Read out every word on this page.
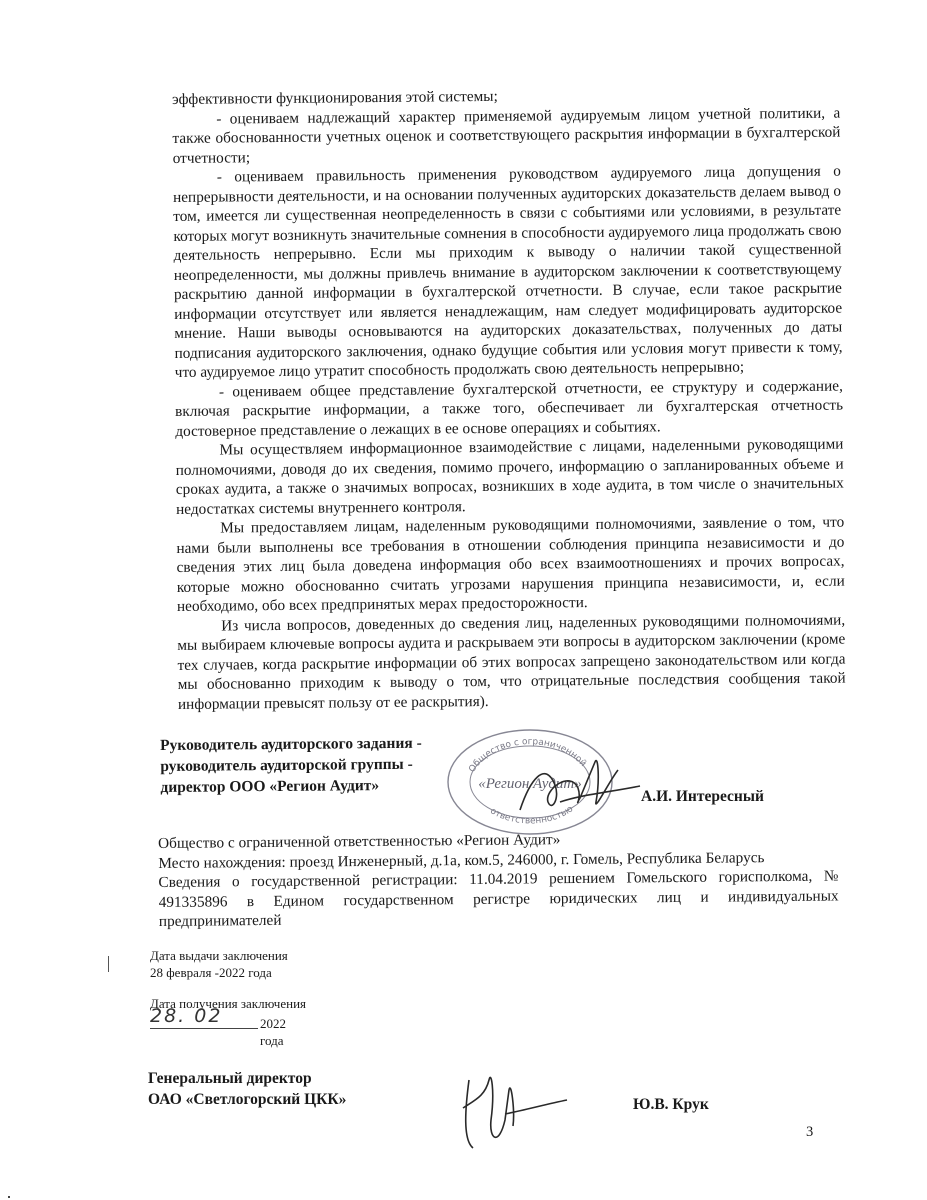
эффективности функционирования этой системы;

- оцениваем надлежащий характер применяемой аудируемым лицом учетной политики, а также обоснованности учетных оценок и соответствующего раскрытия информации в бухгалтерской отчетности;

- оцениваем правильность применения руководством аудируемого лица допущения о непрерывности деятельности, и на основании полученных аудиторских доказательств делаем вывод о том, имеется ли существенная неопределенность в связи с событиями или условиями, в результате которых могут возникнуть значительные сомнения в способности аудируемого лица продолжать свою деятельность непрерывно. Если мы приходим к выводу о наличии такой существенной неопределенности, мы должны привлечь внимание в аудиторском заключении к соответствующему раскрытию данной информации в бухгалтерской отчетности. В случае, если такое раскрытие информации отсутствует или является ненадлежащим, нам следует модифицировать аудиторское мнение. Наши выводы основываются на аудиторских доказательствах, полученных до даты подписания аудиторского заключения, однако будущие события или условия могут привести к тому, что аудируемое лицо утратит способность продолжать свою деятельность непрерывно;

- оцениваем общее представление бухгалтерской отчетности, ее структуру и содержание, включая раскрытие информации, а также того, обеспечивает ли бухгалтерская отчетность достоверное представление о лежащих в ее основе операциях и событиях.

Мы осуществляем информационное взаимодействие с лицами, наделенными руководящими полномочиями, доводя до их сведения, помимо прочего, информацию о запланированных объеме и сроках аудита, а также о значимых вопросах, возникших в ходе аудита, в том числе о значительных недостатках системы внутреннего контроля.

Мы предоставляем лицам, наделенным руководящими полномочиями, заявление о том, что нами были выполнены все требования в отношении соблюдения принципа независимости и до сведения этих лиц была доведена информация обо всех взаимоотношениях и прочих вопросах, которые можно обоснованно считать угрозами нарушения принципа независимости, и, если необходимо, обо всех предпринятых мерах предосторожности.

Из числа вопросов, доведенных до сведения лиц, наделенных руководящими полномочиями, мы выбираем ключевые вопросы аудита и раскрываем эти вопросы в аудиторском заключении (кроме тех случаев, когда раскрытие информации об этих вопросах запрещено законодательством или когда мы обоснованно приходим к выводу о том, что отрицательные последствия сообщения такой информации превысят пользу от ее раскрытия).

Руководитель аудиторского задания -
руководитель аудиторской группы -
директор ООО «Регион Аудит»
Общество с ограниченной
ответственностью
«Регион Аудит»
А.И. Интересный

Общество с ограниченной ответственностью «Регион Аудит»

Место нахождения: проезд Инженерный, д.1а, ком.5, 246000, г. Гомель, Республика Беларусь

Сведения о государственной регистрации: 11.04.2019 решением Гомельского горисполкома, № 491335896 в Едином государственном регистре юридических лиц и индивидуальных предпринимателей

Дата выдачи заключения
28 февраля -2022 года
Дата получения заключения
28. 02	2022 года
Генеральный директор
ОАО «Светлогорский ЦКК»	Ю.В. Крук
3
